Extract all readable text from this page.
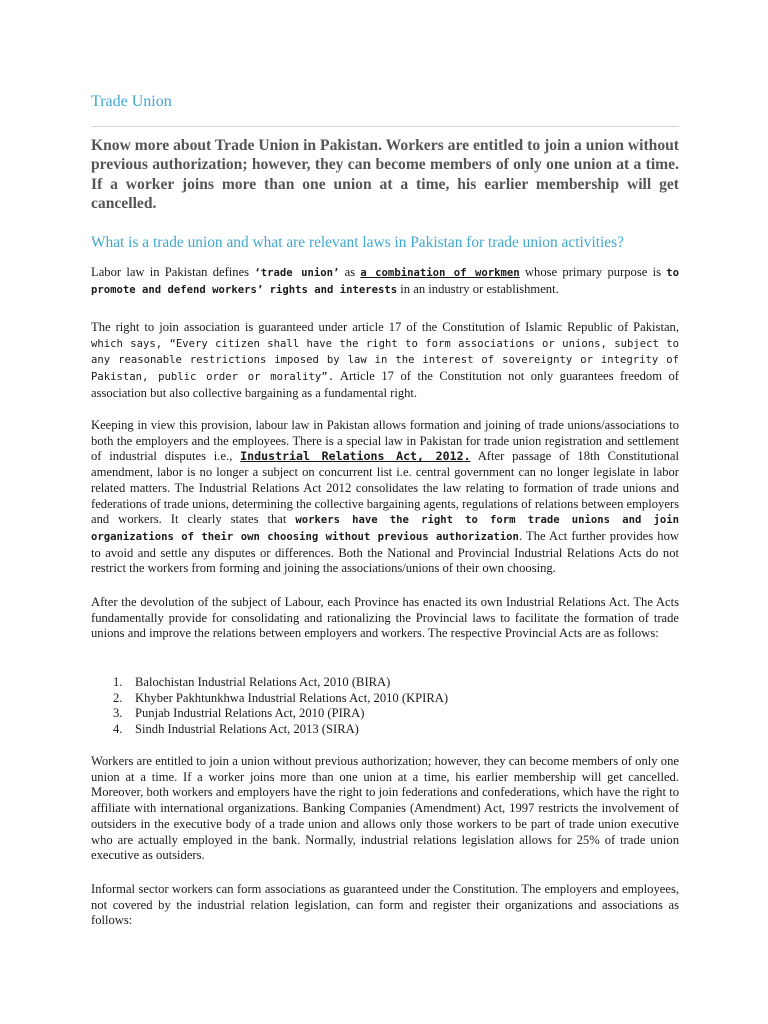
Trade Union
Know more about Trade Union in Pakistan. Workers are entitled to join a union without previous authorization; however, they can become members of only one union at a time. If a worker joins more than one union at a time, his earlier membership will get cancelled.
What is a trade union and what are relevant laws in Pakistan for trade union activities?

Labor law in Pakistan defines ‘trade union’ as a combination of workmen whose primary purpose is to promote and defend workers’ rights and interests in an industry or establishment.

The right to join association is guaranteed under article 17 of the Constitution of Islamic Republic of Pakistan, which says, “Every citizen shall have the right to form associations or unions, subject to any reasonable restrictions imposed by law in the interest of sovereignty or integrity of Pakistan, public order or morality”. Article 17 of the Constitution not only guarantees freedom of association but also collective bargaining as a fundamental right.

Keeping in view this provision, labour law in Pakistan allows formation and joining of trade unions/associations to both the employers and the employees. There is a special law in Pakistan for trade union registration and settlement of industrial disputes i.e., Industrial Relations Act, 2012. After passage of 18th Constitutional amendment, labor is no longer a subject on concurrent list i.e. central government can no longer legislate in labor related matters. The Industrial Relations Act 2012 consolidates the law relating to formation of trade unions and federations of trade unions, determining the collective bargaining agents, regulations of relations between employers and workers. It clearly states that workers have the right to form trade unions and join organizations of their own choosing without previous authorization. The Act further provides how to avoid and settle any disputes or differences. Both the National and Provincial Industrial Relations Acts do not restrict the workers from forming and joining the associations/unions of their own choosing.

After the devolution of the subject of Labour, each Province has enacted its own Industrial Relations Act. The Acts fundamentally provide for consolidating and rationalizing the Provincial laws to facilitate the formation of trade unions and improve the relations between employers and workers. The respective Provincial Acts are as follows:

1. Balochistan Industrial Relations Act, 2010 (BIRA)
2. Khyber Pakhtunkhwa Industrial Relations Act, 2010 (KPIRA)
3. Punjab Industrial Relations Act, 2010 (PIRA)
4. Sindh Industrial Relations Act, 2013 (SIRA)

Workers are entitled to join a union without previous authorization; however, they can become members of only one union at a time. If a worker joins more than one union at a time, his earlier membership will get cancelled. Moreover, both workers and employers have the right to join federations and confederations, which have the right to affiliate with international organizations. Banking Companies (Amendment) Act, 1997 restricts the involvement of outsiders in the executive body of a trade union and allows only those workers to be part of trade union executive who are actually employed in the bank. Normally, industrial relations legislation allows for 25% of trade union executive as outsiders.

Informal sector workers can form associations as guaranteed under the Constitution. The employers and employees, not covered by the industrial relation legislation, can form and register their organizations and associations as follows:
